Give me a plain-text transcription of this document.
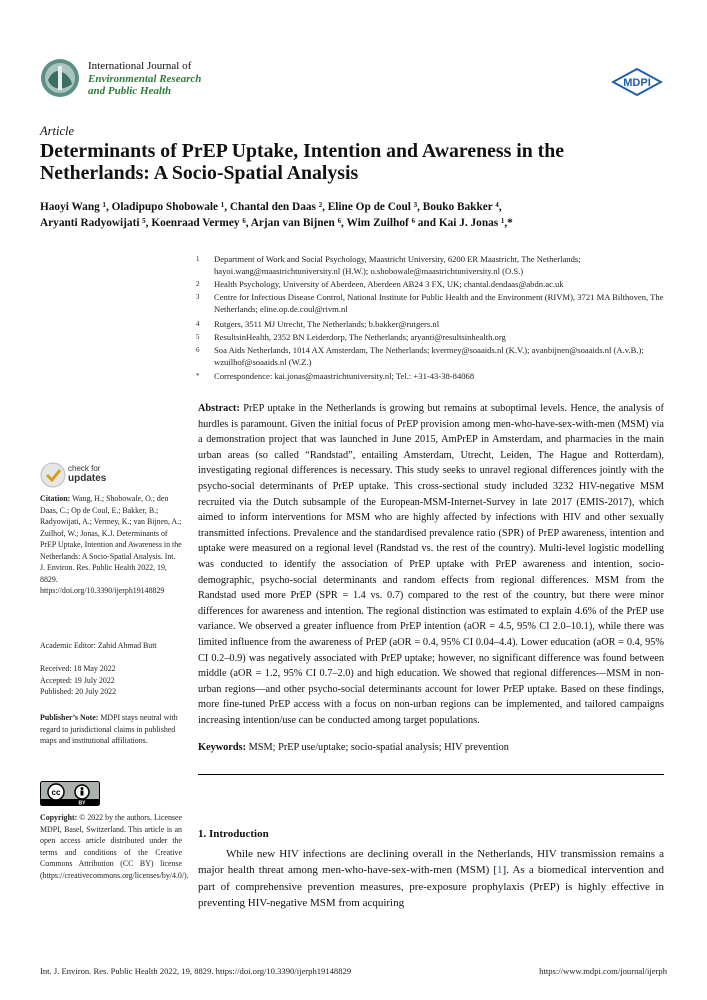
International Journal of
Environmental Research
and Public Health
MDPI
Article
Determinants of PrEP Uptake, Intention and Awareness in the Netherlands: A Socio-Spatial Analysis
Haoyi Wang ¹, Oladipupo Shobowale ¹, Chantal den Daas ², Eline Op de Coul ³, Bouko Bakker ⁴,
Aryanti Radyowijati ⁵, Koenraad Vermey ⁶, Arjan van Bijnen ⁶, Wim Zuilhof ⁶ and Kai J. Jonas ¹,*
1	Department of Work and Social Psychology, Maastricht University, 6200 ER Maastricht, The Netherlands; hayoi.wang@maastrichtuniversity.nl (H.W.); o.shobowale@maastrichtuniversity.nl (O.S.)
2	Health Psychology, University of Aberdeen, Aberdeen AB24 3 FX, UK; chantal.dendaas@abdn.ac.uk
3	Centre for Infectious Disease Control, National Institute for Public Health and the Environment (RIVM), 3721 MA Bilthoven, The Netherlands; eline.op.de.coul@rivm.nl
4	Rutgers, 3511 MJ Utrecht, The Netherlands; b.bakker@rutgers.nl
5	ResultsinHealth, 2352 BN Leiderdorp, The Netherlands; aryanti@resultsinhealth.org
6	Soa Aids Netherlands, 1014 AX Amsterdam, The Netherlands; kvermey@soaaids.nl (K.V.); avanbijnen@soaaids.nl (A.v.B.); wzuilhof@soaaids.nl (W.Z.)
*	Correspondence: kai.jonas@maastrichtuniversity.nl; Tel.: +31-43-38-84068
Abstract: PrEP uptake in the Netherlands is growing but remains at suboptimal levels. Hence, the analysis of hurdles is paramount. Given the initial focus of PrEP provision among men-who-have-sex-with-men (MSM) via a demonstration project that was launched in June 2015, AmPrEP in Amsterdam, and pharmacies in the main urban areas (so called “Randstad”, entailing Amsterdam, Utrecht, Leiden, The Hague and Rotterdam), investigating regional differences is necessary. This study seeks to unravel regional differences jointly with the psycho-social determinants of PrEP uptake. This cross-sectional study included 3232 HIV-negative MSM recruited via the Dutch subsample of the European-MSM-Internet-Survey in late 2017 (EMIS-2017), which aimed to inform interventions for MSM who are highly affected by infections with HIV and other sexually transmitted infections. Prevalence and the standardised prevalence ratio (SPR) of PrEP awareness, intention and uptake were measured on a regional level (Randstad vs. the rest of the country). Multi-level logistic modelling was conducted to identify the association of PrEP uptake with PrEP awareness and intention, socio-demographic, psycho-social determinants and random effects from regional differences. MSM from the Randstad used more PrEP (SPR = 1.4 vs. 0.7) compared to the rest of the country, but there were minor differences for awareness and intention. The regional distinction was estimated to explain 4.6% of the PrEP use variance. We observed a greater influence from PrEP intention (aOR = 4.5, 95% CI 2.0–10.1), while there was limited influence from the awareness of PrEP (aOR = 0.4, 95% CI 0.04–4.4). Lower education (aOR = 0.4, 95% CI 0.2–0.9) was negatively associated with PrEP uptake; however, no significant difference was found between middle (aOR = 1.2, 95% CI 0.7–2.0) and high education. We showed that regional differences—MSM in non-urban regions—and other psycho-social determinants account for lower PrEP uptake. Based on these findings, more fine-tuned PrEP access with a focus on non-urban regions can be implemented, and tailored campaigns increasing intention/use can be conducted among target populations.
Keywords: MSM; PrEP use/uptake; socio-spatial analysis; HIV prevention
1. Introduction
While new HIV infections are declining overall in the Netherlands, HIV transmission remains a major health threat among men-who-have-sex-with-men (MSM) [1]. As a biomedical intervention and part of comprehensive prevention measures, pre-exposure prophylaxis (PrEP) is highly effective in preventing HIV-negative MSM from acquiring
check for
updates
Citation: Wang, H.; Shobowale, O.; den Daas, C.; Op de Coul, E.; Bakker, B.; Radyowijati, A.; Vermey, K.; van Bijnen, A.; Zuilhof, W.; Jonas, K.J. Determinants of PrEP Uptake, Intention and Awareness in the Netherlands: A Socio-Spatial Analysis. Int. J. Environ. Res. Public Health 2022, 19, 8829. https://doi.org/10.3390/ijerph19148829
Academic Editor: Zahid Ahmad Butt
Received: 18 May 2022
Accepted: 19 July 2022
Published: 20 July 2022
Publisher’s Note: MDPI stays neutral with regard to jurisdictional claims in published maps and institutional affiliations.
cc
BY
Copyright: © 2022 by the authors. Licensee MDPI, Basel, Switzerland. This article is an open access article distributed under the terms and conditions of the Creative Commons Attribution (CC BY) license (https://creativecommons.org/licenses/by/4.0/).
Int. J. Environ. Res. Public Health 2022, 19, 8829. https://doi.org/10.3390/ijerph19148829	https://www.mdpi.com/journal/ijerph
